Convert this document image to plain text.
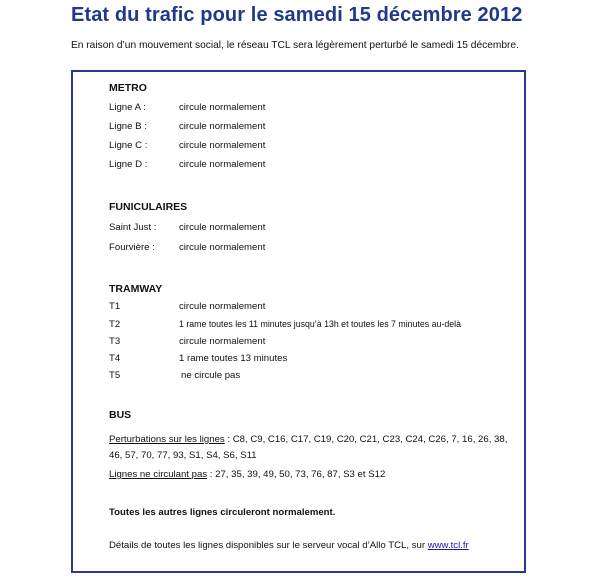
Etat du trafic pour le samedi 15 décembre 2012
En raison d’un mouvement social, le réseau TCL sera légèrement perturbé le samedi 15 décembre.
METRO
Ligne A :	circule normalement
Ligne B :	circule normalement
Ligne C :	circule normalement
Ligne D :	circule normalement
FUNICULAIRES
Saint Just : circule normalement
Fourvière :	circule normalement
TRAMWAY
T1	circule normalement
T2	1 rame toutes les 11 minutes jusqu’à 13h et toutes les 7 minutes au-delà
T3	circule normalement
T4	1 rame toutes 13 minutes
T5	ne circule pas
BUS
Perturbations sur les lignes : C8, C9, C16, C17, C19, C20, C21, C23, C24, C26, 7, 16, 26, 38, 46, 57, 70, 77, 93, S1, S4, S6, S11
Lignes ne circulant pas : 27, 35, 39, 49, 50, 73, 76, 87, S3 et S12
Toutes les autres lignes circuleront normalement.
Détails de toutes les lignes disponibles sur le serveur vocal d’Allo TCL, sur www.tcl.fr
